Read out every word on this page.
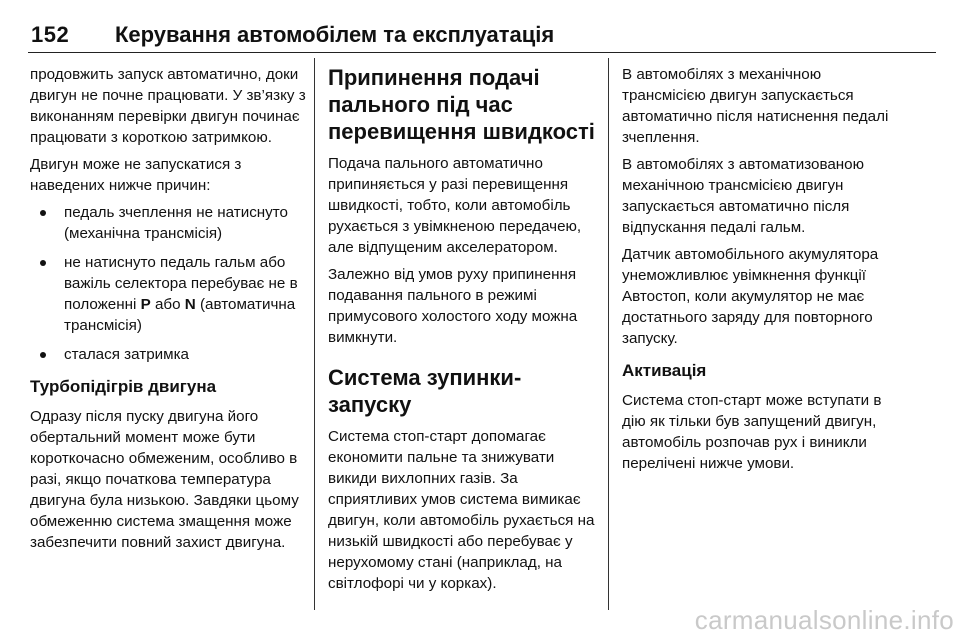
152 Керування автомобілем та експлуатація

продовжить запуск автоматично, доки двигун не почне працювати. У зв’язку з виконанням перевірки двигун починає працювати з короткою затримкою.

Двигун може не запускатися з наведених нижче причин:

педаль зчеплення не натиснуто (механічна трансмісія)
не натиснуто педаль гальм або важіль селектора перебуває не в положенні P або N (автоматична трансмісія)
сталася затримка
Турбопідігрів двигуна

Одразу після пуску двигуна його обертальний момент може бути короткочасно обмеженим, особливо в разі, якщо початкова температура двигуна була низькою. Завдяки цьому обмеженню система змащення може забезпечити повний захист двигуна.

Припинення подачі пального під час перевищення швидкості

Подача пального автоматично припиняється у разі перевищення швидкості, тобто, коли автомобіль рухається з увімкненою передачею, але відпущеним акселератором.

Залежно від умов руху припинення подавання пального в режимі примусового холостого ходу можна вимкнути.

Система зупинки-запуску

Система стоп-старт допомагає економити пальне та знижувати викиди вихлопних газів. За сприятливих умов система вимикає двигун, коли автомобіль рухається на низькій швидкості або перебуває у нерухомому стані (наприклад, на світлофорі чи у корках).

В автомобілях з механічною трансмісією двигун запускається автоматично після натиснення педалі зчеплення.

В автомобілях з автоматизованою механічною трансмісією двигун запускається автоматично після відпускання педалі гальм.

Датчик автомобільного акумулятора унеможливлює увімкнення функції Автостоп, коли акумулятор не має достатнього заряду для повторного запуску.

Активація

Система стоп-старт може вступати в дію як тільки був запущений двигун, автомобіль розпочав рух і виникли перелічені нижче умови.

carmanualsonline.info
